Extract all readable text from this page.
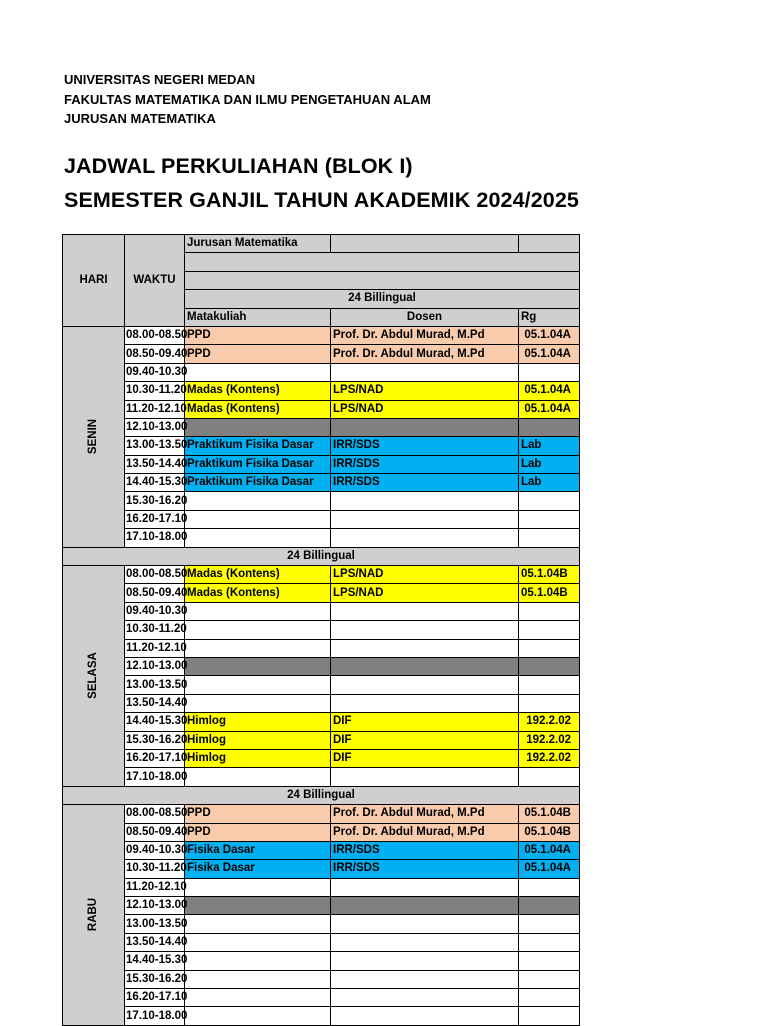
UNIVERSITAS NEGERI MEDAN
FAKULTAS MATEMATIKA DAN ILMU PENGETAHUAN ALAM
JURUSAN MATEMATIKA
JADWAL PERKULIAHAN (BLOK I)
SEMESTER GANJIL TAHUN AKADEMIK 2024/2025
HARI	WAKTU	Jurusan Matematika		

		24 Billingual		
		Matakuliah	Dosen	Rg
SENIN	08.00-08.50	PPD	Prof. Dr. Abdul Murad, M.Pd	05.1.04A
	08.50-09.40	PPD	Prof. Dr. Abdul Murad, M.Pd	05.1.04A
	09.40-10.30			
	10.30-11.20	Madas (Kontens)	LPS/NAD	05.1.04A
	11.20-12.10	Madas (Kontens)	LPS/NAD	05.1.04A
	12.10-13.00			
	13.00-13.50	Praktikum Fisika Dasar	IRR/SDS	Lab
	13.50-14.40	Praktikum Fisika Dasar	IRR/SDS	Lab
	14.40-15.30	Praktikum Fisika Dasar	IRR/SDS	Lab
	15.30-16.20			
	16.20-17.10			
	17.10-18.00			
24 Billingual				
SELASA	08.00-08.50	Madas (Kontens)	LPS/NAD	05.1.04B
	08.50-09.40	Madas (Kontens)	LPS/NAD	05.1.04B
	09.40-10.30			
	10.30-11.20			
	11.20-12.10			
	12.10-13.00			
	13.00-13.50			
	13.50-14.40			
	14.40-15.30	Himlog	DIF	192.2.02
	15.30-16.20	Himlog	DIF	192.2.02
	16.20-17.10	Himlog	DIF	192.2.02
	17.10-18.00			
24 Billingual				
RABU	08.00-08.50	PPD	Prof. Dr. Abdul Murad, M.Pd	05.1.04B
	08.50-09.40	PPD	Prof. Dr. Abdul Murad, M.Pd	05.1.04B
	09.40-10.30	Fisika Dasar	IRR/SDS	05.1.04A
	10.30-11.20	Fisika Dasar	IRR/SDS	05.1.04A
	11.20-12.10			
	12.10-13.00			
	13.00-13.50			
	13.50-14.40			
	14.40-15.30			
	15.30-16.20			
	16.20-17.10			
	17.10-18.00			
